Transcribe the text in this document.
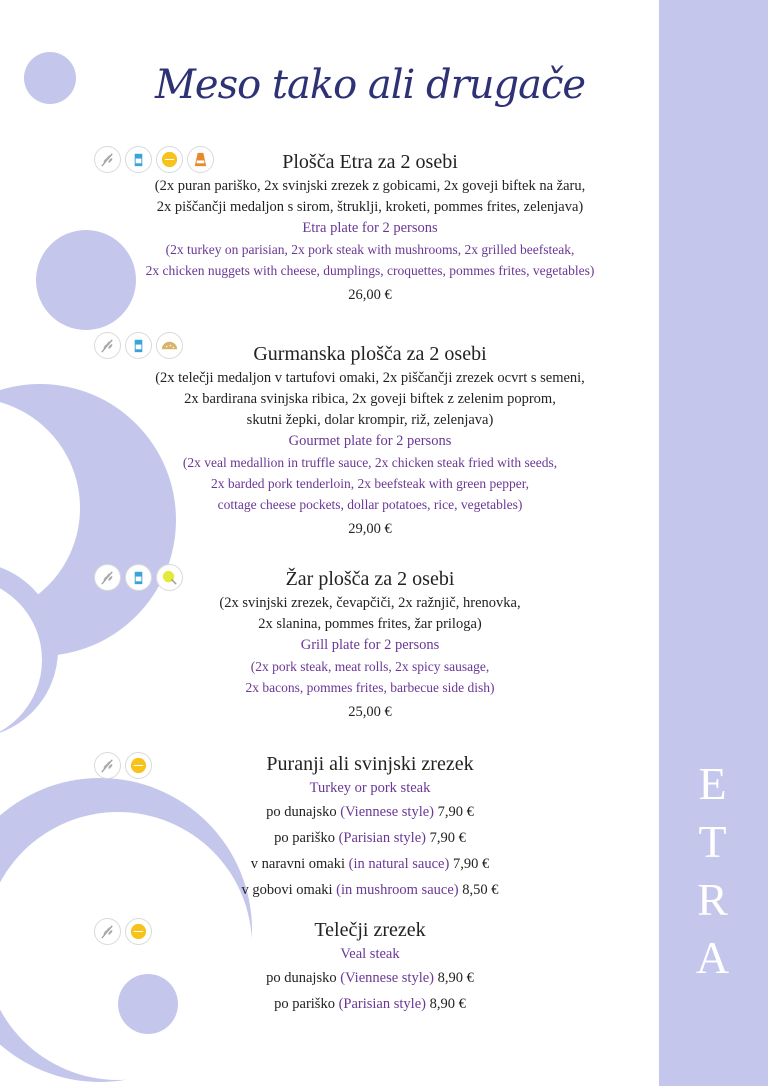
E
T
R
A
Meso tako ali drugače
Plošča Etra za 2 osebi
(2x puran pariško, 2x svinjski zrezek z gobicami, 2x goveji biftek na žaru,
2x piščančji medaljon s sirom, štruklji, kroketi, pommes frites, zelenjava)
Etra plate for 2 persons
(2x turkey on parisian, 2x pork steak with mushrooms, 2x grilled beefsteak,
2x chicken nuggets with cheese, dumplings, croquettes, pommes frites, vegetables)
26,00 €
Gurmanska plošča za 2 osebi
(2x telečji medaljon v tartufovi omaki, 2x piščančji zrezek ocvrt s semeni,
2x bardirana svinjska ribica, 2x goveji biftek z zelenim poprom,
skutni žepki, dolar krompir, riž, zelenjava)
Gourmet plate for 2 persons
(2x veal medallion in truffle sauce, 2x chicken steak fried with seeds,
2x barded pork tenderloin, 2x beefsteak with green pepper,
cottage cheese pockets, dollar potatoes, rice, vegetables)
29,00 €
Žar plošča za 2 osebi
(2x svinjski zrezek, čevapčiči, 2x ražnjič, hrenovka,
2x slanina, pommes frites, žar priloga)
Grill plate for 2 persons
(2x pork steak, meat rolls, 2x spicy sausage,
2x bacons, pommes frites, barbecue side dish)
25,00 €
Puranji ali svinjski zrezek
Turkey or pork steak
po dunajsko (Viennese style) 7,90 €
po pariško (Parisian style) 7,90 €
v naravni omaki (in natural sauce) 7,90 €
v gobovi omaki (in mushroom sauce) 8,50 €
Telečji zrezek
Veal steak
po dunajsko (Viennese style) 8,90 €
po pariško (Parisian style) 8,90 €
